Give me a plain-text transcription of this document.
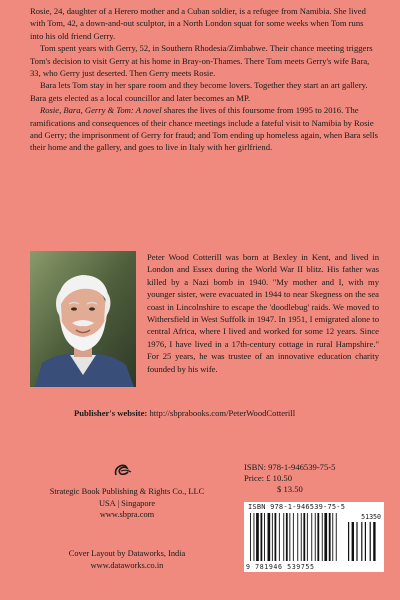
Rosie, 24, daughter of a Herero mother and a Cuban soldier, is a refugee from Namibia. She lived with Tom, 42, a down-and-out sculptor, in a North London squat for some weeks when Tom runs into his old friend Gerry.

Tom spent years with Gerry, 52, in Southern Rhodesia/Zimbabwe. Their chance meeting triggers Tom's decision to visit Gerry at his home in Bray-on-Thames. There Tom meets Gerry's wife Bara, 33, who Gerry just deserted. Then Gerry meets Rosie.

Bara lets Tom stay in her spare room and they become lovers. Together they start an art gallery. Bara gets elected as a local councillor and later becomes an MP.

Rosie, Bara, Gerry & Tom: A novel shares the lives of this foursome from 1995 to 2016. The ramifications and consequences of their chance meetings include a fateful visit to Namibia by Rosie and Gerry; the imprisonment of Gerry for fraud; and Tom ending up homeless again, when Bara sells their home and the gallery, and goes to live in Italy with her girlfriend.

Peter Wood Cotterill was born at Bexley in Kent, and lived in London and Essex during the World War II blitz. His father was killed by a Nazi bomb in 1940. "My mother and I, with my younger sister, were evacuated in 1944 to near Skegness on the sea coast in Lincolnshire to escape the 'doodlebug' raids. We moved to Withersfield in West Suffolk in 1947. In 1951, I emigrated alone to central Africa, where I lived and worked for some 12 years. Since 1976, I have lived in a 17th-century cottage in rural Hampshire." For 25 years, he was trustee of an innovative education charity founded by his wife.

Publisher's website: http://sbprabooks.com/PeterWoodCotterill
Strategic Book Publishing & Rights Co., LLC
USA | Singapore
www.sbpra.com
Cover Layout by Dataworks, India
www.dataworks.co.in
ISBN: 978-1-946539-75-5
Price: £ 10.50
$ 13.50
ISBN 978-1-946539-75-5
51350
9 781946 539755
